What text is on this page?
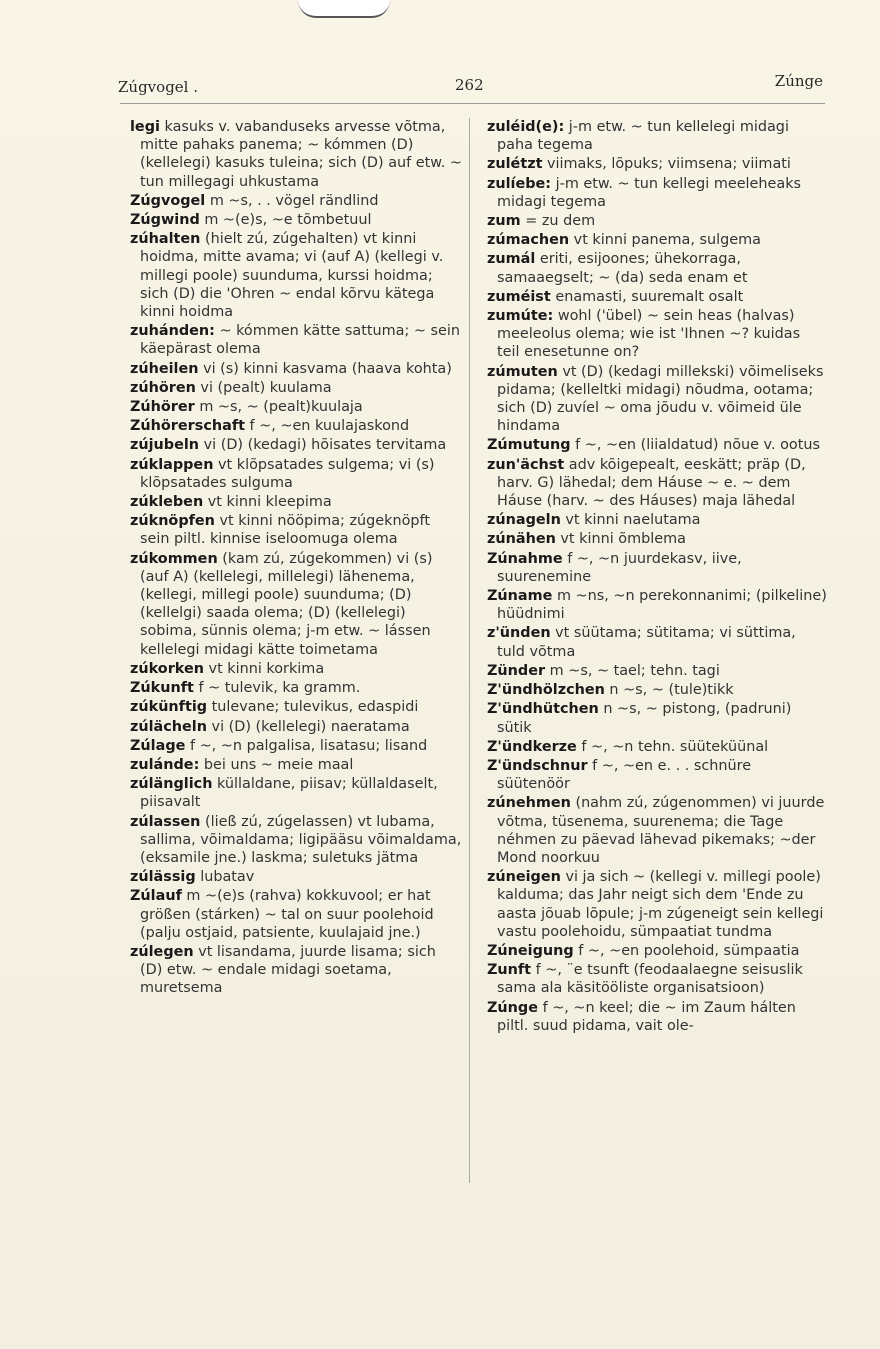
Zúgvogel .	262	Zúnge
legi kasuks v. vabanduseks arvesse võtma, mitte pahaks panema; ~ kómmen (D) (kellelegi) kasuks tuleina; sich (D) auf etw. ~ tun millegagi uhkustama
Zúgvogel m ~s, . . vögel rändlind
Zúgwind m ~(e)s, ~e tõmbetuul
zúhalten (hielt zú, zúgehalten) vt kinni hoidma, mitte avama; vi (auf A) (kellegi v. millegi poole) suunduma, kurssi hoidma; sich (D) die 'Ohren ~ endal kõrvu kätega kinni hoidma
zuhánden: ~ kómmen kätte sattuma; ~ sein käepärast olema
zúheilen vi (s) kinni kasvama (haava kohta)
zúhören vi (pealt) kuulama
Zúhörer m ~s, ~ (pealt)kuulaja
Zúhörerschaft f ~, ~en kuulajaskond
zújubeln vi (D) (kedagi) hõisates tervitama
zúklappen vt klõpsatades sulgema; vi (s) klõpsatades sulguma
zúkleben vt kinni kleepima
zúknöpfen vt kinni nööpima; zúgeknöpft sein piltl. kinnise iseloomuga olema
zúkommen (kam zú, zúgekommen) vi (s) (auf A) (kellelegi, millelegi) lähenema, (kellegi, millegi poole) suunduma; (D) (kellelgi) saada olema; (D) (kellelegi) sobima, sünnis olema; j-m etw. ~ lássen kellelegi midagi kätte toimetama
zúkorken vt kinni korkima
Zúkunft f ~ tulevik, ka gramm.
zúkünftig tulevane; tulevikus, edaspidi
zúlächeln vi (D) (kellelegi) naeratama
Zúlage f ~, ~n palgalisa, lisatasu; lisand
zulánde: bei uns ~ meie maal
zúlänglich küllaldane, piisav; küllaldaselt, piisavalt
zúlassen (ließ zú, zúgelassen) vt lubama, sallima, võimaldama; ligipääsu võimaldama, (eksamile jne.) laskma; suletuks jätma
zúlässig lubatav
Zúlauf m ~(e)s (rahva) kokkuvool; er hat größen (stárken) ~ tal on suur poolehoid (palju ostjaid, patsiente, kuulajaid jne.)
zúlegen vt lisandama, juurde lisama; sich (D) etw. ~ endale midagi soetama, muretsema
zuléid(e): j-m etw. ~ tun kellelegi midagi paha tegema
zulétzt viimaks, lõpuks; viimsena; viimati
zulíebe: j-m etw. ~ tun kellegi meeleheaks midagi tegema
zum = zu dem
zúmachen vt kinni panema, sulgema
zumál eriti, esijoones; ühekorraga, samaaegselt; ~ (da) seda enam et
zuméist enamasti, suuremalt osalt
zumúte: wohl ('übel) ~ sein heas (halvas) meeleolus olema; wie ist 'Ihnen ~? kuidas teil enesetunne on?
zúmuten vt (D) (kedagi millekski) võimeliseks pidama; (kelleltki midagi) nõudma, ootama; sich (D) zuvíel ~ oma jõudu v. võimeid üle hindama
Zúmutung f ~, ~en (liialdatud) nõue v. ootus
zun'ächst adv kõigepealt, eeskätt; präp (D, harv. G) lähedal; dem Háuse ~ e. ~ dem Háuse (harv. ~ des Háuses) maja lähedal
zúnageln vt kinni naelutama
zúnähen vt kinni õmblema
Zúnahme f ~, ~n juurdekasv, iive, suurenemine
Zúname m ~ns, ~n perekonnanimi; (pilkeline) hüüdnimi
z'ünden vt süütama; sütitama; vi süttima, tuld võtma
Zünder m ~s, ~ tael; tehn. tagi
Z'ündhölzchen n ~s, ~ (tule)tikk
Z'ündhütchen n ~s, ~ pistong, (padruni) sütik
Z'ündkerze f ~, ~n tehn. süüteküünal
Z'ündschnur f ~, ~en e. . . schnüre süütenöör
zúnehmen (nahm zú, zúgenommen) vi juurde võtma, tüsenema, suurenema; die Tage néhmen zu päevad lähevad pikemaks; ~der Mond noorkuu
zúneigen vi ja sich ~ (kellegi v. millegi poole) kalduma; das Jahr neigt sich dem 'Ende zu aasta jõuab lõpule; j-m zúgeneigt sein kellegi vastu poolehoidu, sümpaatiat tundma
Zúneigung f ~, ~en poolehoid, sümpaatia
Zunft f ~, ¨e tsunft (feodaalaegne seisuslik sama ala käsitööliste organisatsioon)
Zúnge f ~, ~n keel; die ~ im Zaum hálten piltl. suud pidama, vait ole-
